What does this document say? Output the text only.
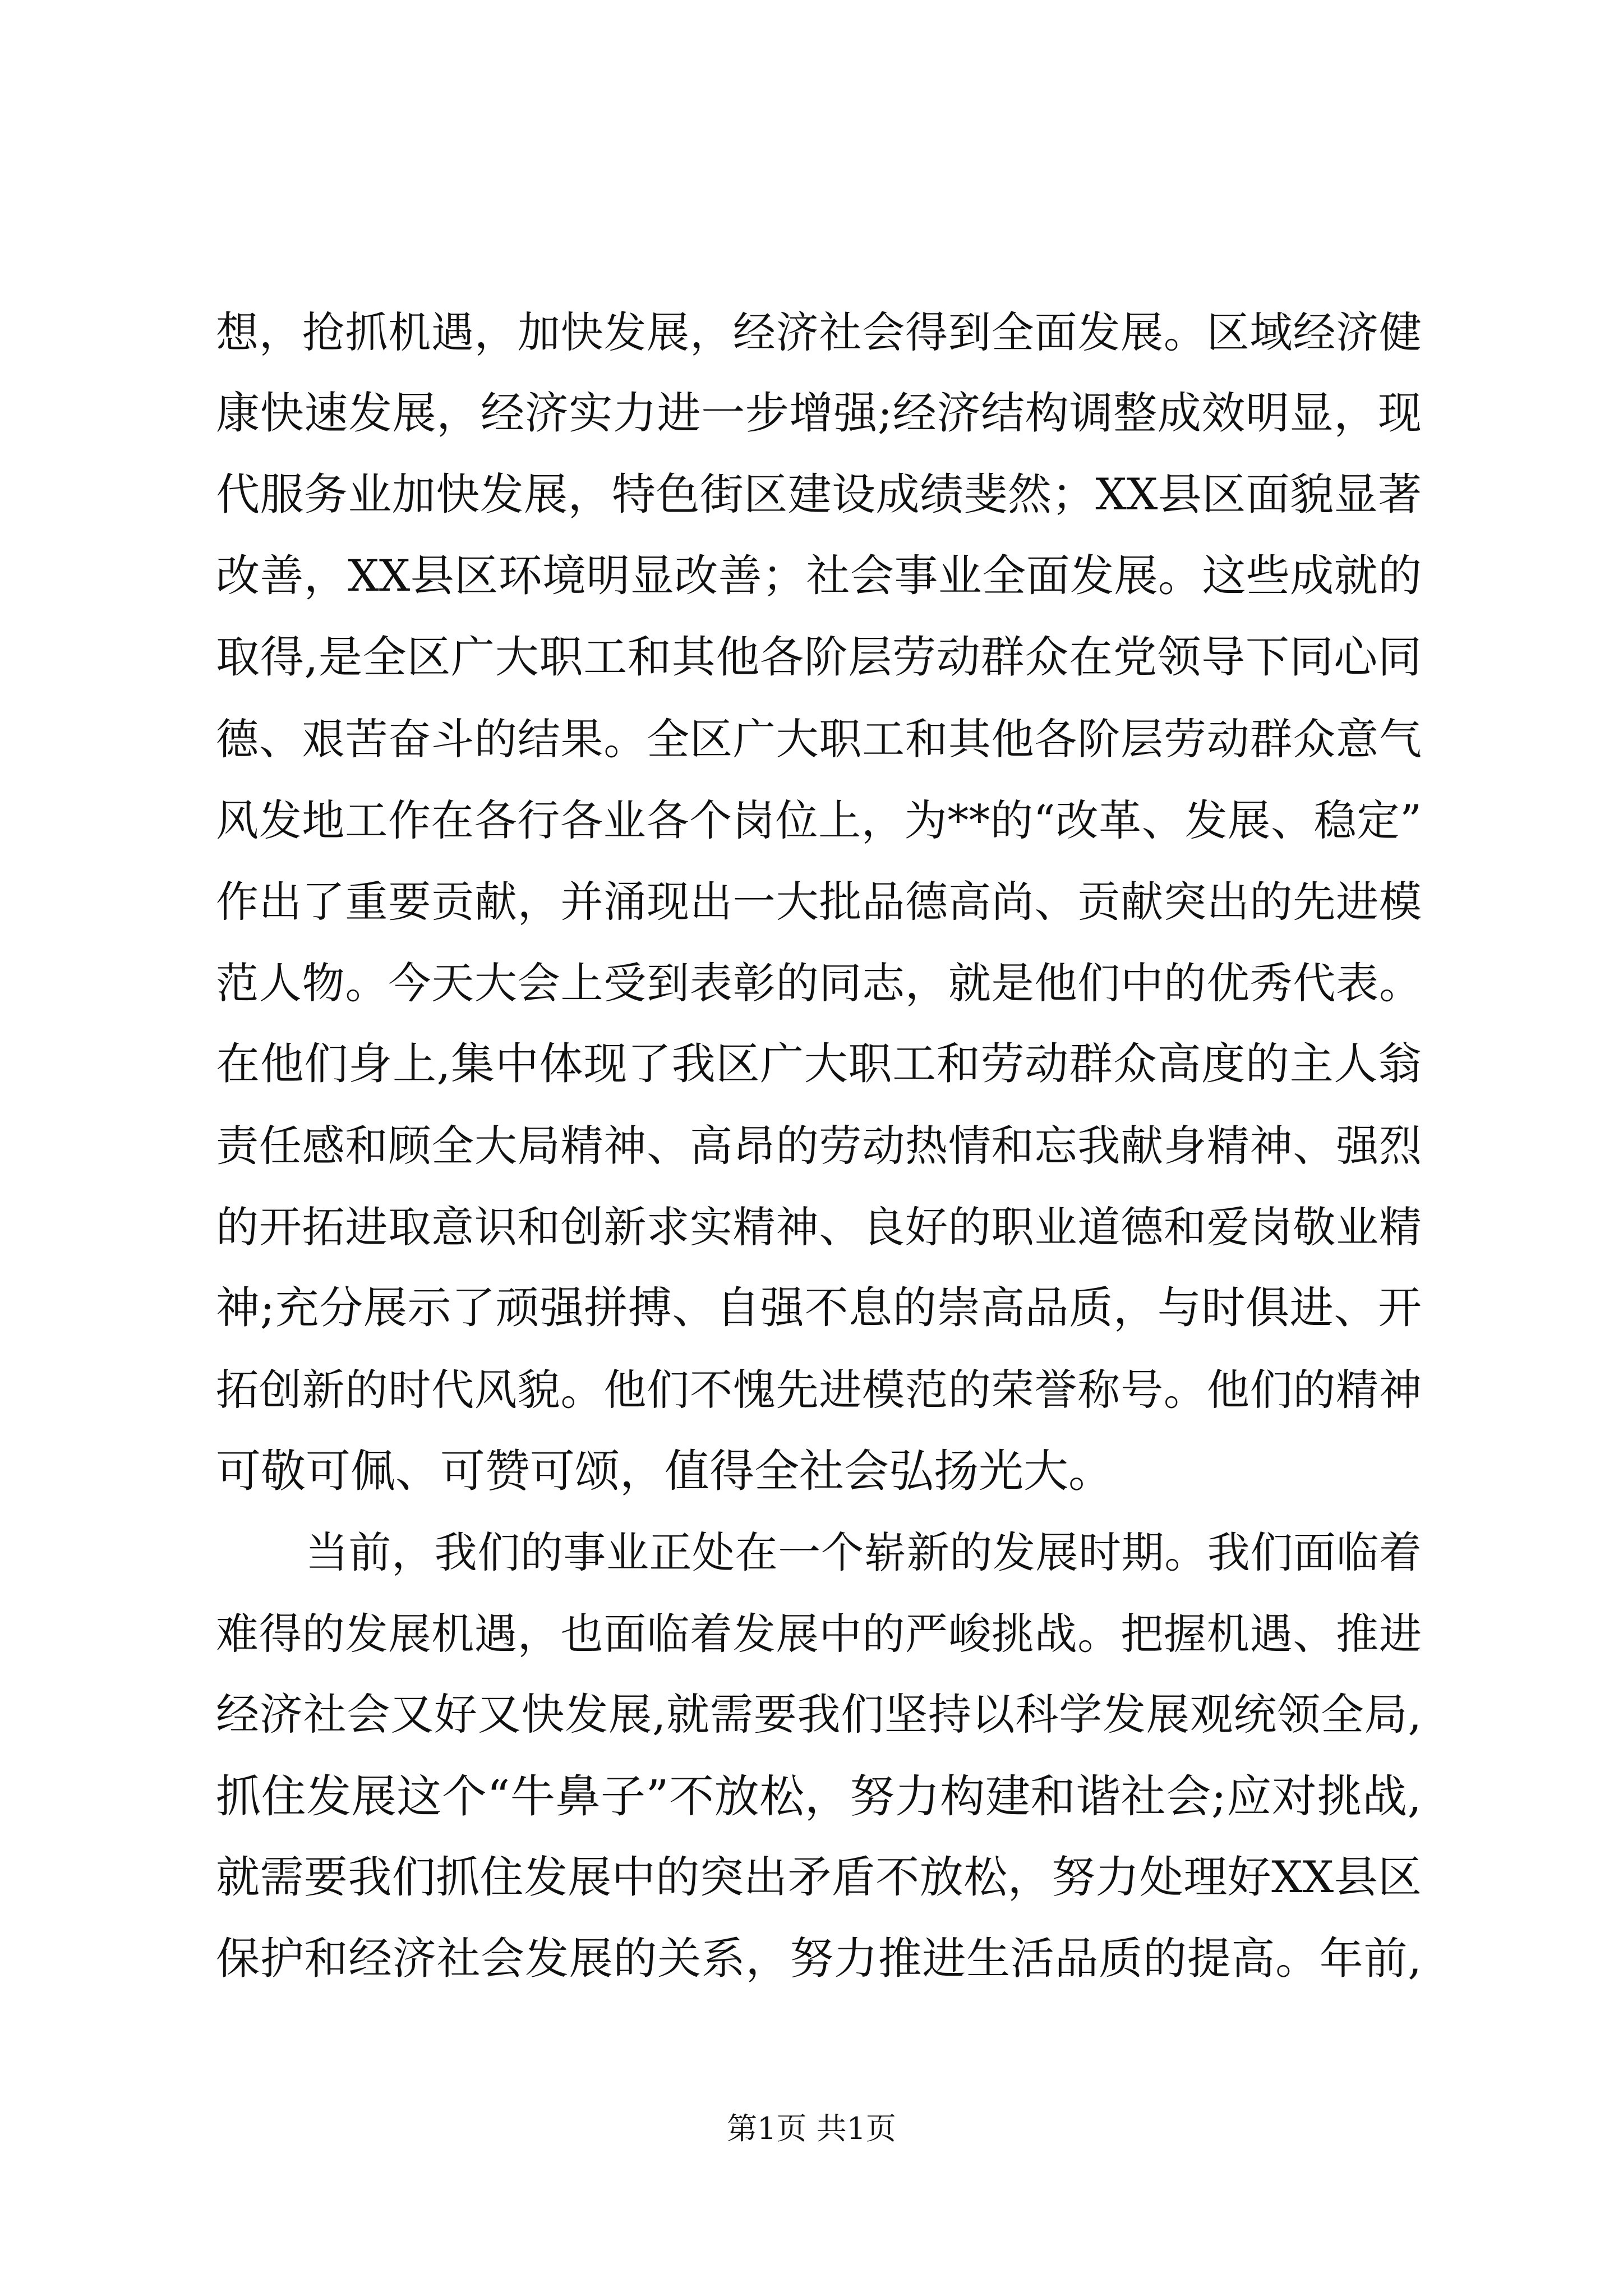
想，抢抓机遇，加快发展，经济社会得到全面发展。区域经济健
康快速发展，经济实力进一步增强;经济结构调整成效明显，现
代服务业加快发展，特色街区建设成绩斐然；XX县区面貌显著
改善，XX县区环境明显改善；社会事业全面发展。这些成就的
取得,是全区广大职工和其他各阶层劳动群众在党领导下同心同
德、艰苦奋斗的结果。全区广大职工和其他各阶层劳动群众意气
风发地工作在各行各业各个岗位上，为**的“改革、发展、稳定”
作出了重要贡献，并涌现出一大批品德高尚、贡献突出的先进模
范人物。今天大会上受到表彰的同志，就是他们中的优秀代表。
在他们身上,集中体现了我区广大职工和劳动群众高度的主人翁
责任感和顾全大局精神、高昂的劳动热情和忘我献身精神、强烈
的开拓进取意识和创新求实精神、良好的职业道德和爱岗敬业精
神;充分展示了顽强拼搏、自强不息的崇高品质，与时俱进、开
拓创新的时代风貌。他们不愧先进模范的荣誉称号。他们的精神
可敬可佩、可赞可颂，值得全社会弘扬光大。
当前，我们的事业正处在一个崭新的发展时期。我们面临着
难得的发展机遇，也面临着发展中的严峻挑战。把握机遇、推进
经济社会又好又快发展,就需要我们坚持以科学发展观统领全局,
抓住发展这个“牛鼻子”不放松，努力构建和谐社会;应对挑战,
就需要我们抓住发展中的突出矛盾不放松，努力处理好XX县区
保护和经济社会发展的关系，努力推进生活品质的提高。年前,
第1页 共1页
